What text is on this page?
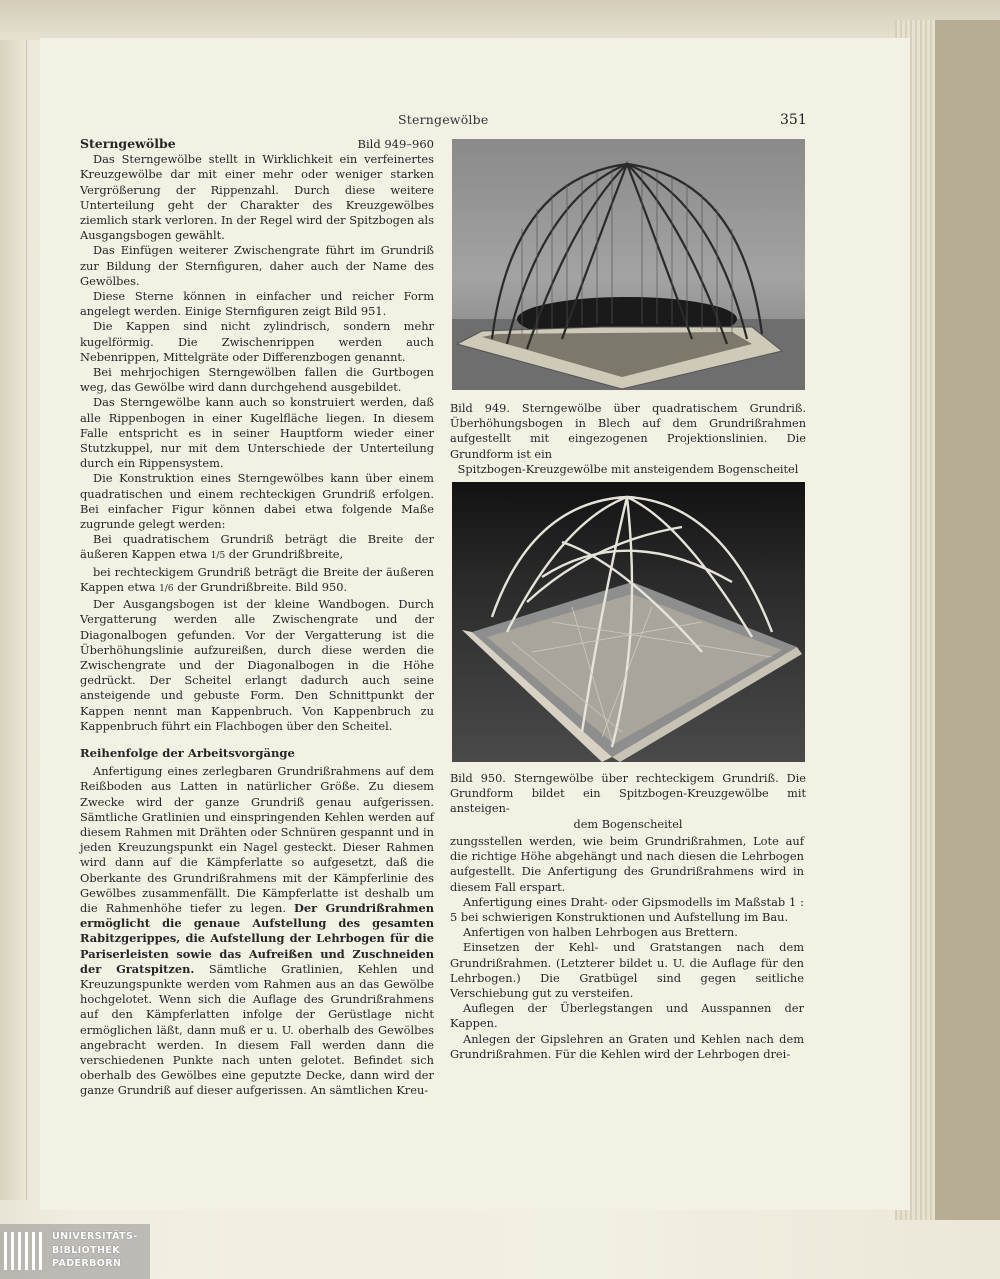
Sterngewölbe	351
Sterngewölbe	Bild 949–960

Das Sterngewölbe stellt in Wirklichkeit ein verfeinertes Kreuzgewölbe dar mit einer mehr oder weniger starken Vergrößerung der Rippenzahl. Durch diese weitere Unterteilung geht der Charakter des Kreuzgewölbes ziemlich stark verloren. In der Regel wird der Spitzbogen als Ausgangsbogen gewählt.

Das Einfügen weiterer Zwischengrate führt im Grundriß zur Bildung der Sternfiguren, daher auch der Name des Gewölbes.

Diese Sterne können in einfacher und reicher Form angelegt werden. Einige Sternfiguren zeigt Bild 951.

Die Kappen sind nicht zylindrisch, sondern mehr kugelförmig. Die Zwischenrippen werden auch Nebenrippen, Mittelgräte oder Differenzbogen genannt.

Bei mehrjochigen Sterngewölben fallen die Gurtbogen weg, das Gewölbe wird dann durchgehend ausgebildet.

Das Sterngewölbe kann auch so konstruiert werden, daß alle Rippenbogen in einer Kugelfläche liegen. In diesem Falle entspricht es in seiner Hauptform wieder einer Stutzkuppel, nur mit dem Unterschiede der Unterteilung durch ein Rippensystem.

Die Konstruktion eines Sterngewölbes kann über einem quadratischen und einem rechteckigen Grundriß erfolgen. Bei einfacher Figur können dabei etwa folgende Maße zugrunde gelegt werden:

Bei quadratischem Grundriß beträgt die Breite der äußeren Kappen etwa 1/5 der Grundrißbreite,

bei rechteckigem Grundriß beträgt die Breite der äußeren Kappen etwa 1/6 der Grundrißbreite. Bild 950.

Der Ausgangsbogen ist der kleine Wandbogen. Durch Vergatterung werden alle Zwischengrate und der Diagonalbogen gefunden. Vor der Vergatterung ist die Überhöhungslinie aufzureißen, durch diese werden die Zwischengrate und der Diagonalbogen in die Höhe gedrückt. Der Scheitel erlangt dadurch auch seine ansteigende und gebuste Form. Den Schnittpunkt der Kappen nennt man Kappenbruch. Von Kappenbruch zu Kappenbruch führt ein Flachbogen über den Scheitel.

Reihenfolge der Arbeitsvorgänge

Anfertigung eines zerlegbaren Grundrißrahmens auf dem Reißboden aus Latten in natürlicher Größe. Zu diesem Zwecke wird der ganze Grundriß genau aufgerissen. Sämtliche Gratlinien und einspringenden Kehlen werden auf diesem Rahmen mit Drähten oder Schnüren gespannt und in jeden Kreuzungspunkt ein Nagel gesteckt. Dieser Rahmen wird dann auf die Kämpferlatte so aufgesetzt, daß die Oberkante des Grundrißrahmens mit der Kämpferlinie des Gewölbes zusammenfällt. Die Kämpferlatte ist deshalb um die Rahmenhöhe tiefer zu legen. Der Grundrißrahmen ermöglicht die genaue Aufstellung des gesamten Rabitzgerippes, die Aufstellung der Lehrbogen für die Pariserleisten sowie das Aufreißen und Zuschneiden der Gratspitzen. Sämtliche Gratlinien, Kehlen und Kreuzungspunkte werden vom Rahmen aus an das Gewölbe hochgelotet. Wenn sich die Auflage des Grundrißrahmens auf den Kämpferlatten infolge der Gerüstlage nicht ermöglichen läßt, dann muß er u. U. oberhalb des Gewölbes angebracht werden. In diesem Fall werden dann die verschiedenen Punkte nach unten gelotet. Befindet sich oberhalb des Gewölbes eine geputzte Decke, dann wird der ganze Grundriß auf dieser aufgerissen. An sämtlichen Kreu-

Bild 949. Sterngewölbe über quadratischem Grundriß. Überhöhungsbogen in Blech auf dem Grundrißrahmen aufgestellt mit eingezogenen Projektionslinien. Die Grundform ist ein
Spitzbogen-Kreuzgewölbe mit ansteigendem Bogenscheitel
Bild 950. Sterngewölbe über rechteckigem Grundriß. Die Grundform bildet ein Spitzbogen-Kreuzgewölbe mit ansteigen-
dem Bogenscheitel

zungsstellen werden, wie beim Grundrißrahmen, Lote auf die richtige Höhe abgehängt und nach diesen die Lehrbogen aufgestellt. Die Anfertigung des Grundrißrahmens wird in diesem Fall erspart.

Anfertigung eines Draht- oder Gipsmodells im Maßstab 1 : 5 bei schwierigen Konstruktionen und Aufstellung im Bau.

Anfertigen von halben Lehrbogen aus Brettern.

Einsetzen der Kehl- und Gratstangen nach dem Grundrißrahmen. (Letzterer bildet u. U. die Auflage für den Lehrbogen.) Die Gratbügel sind gegen seitliche Verschiebung gut zu versteifen.

Auflegen der Überlegstangen und Ausspannen der Kappen.

Anlegen der Gipslehren an Graten und Kehlen nach dem Grundrißrahmen. Für die Kehlen wird der Lehrbogen drei-

UNIVERSITÄTS-
BIBLIOTHEK
PADERBORN
